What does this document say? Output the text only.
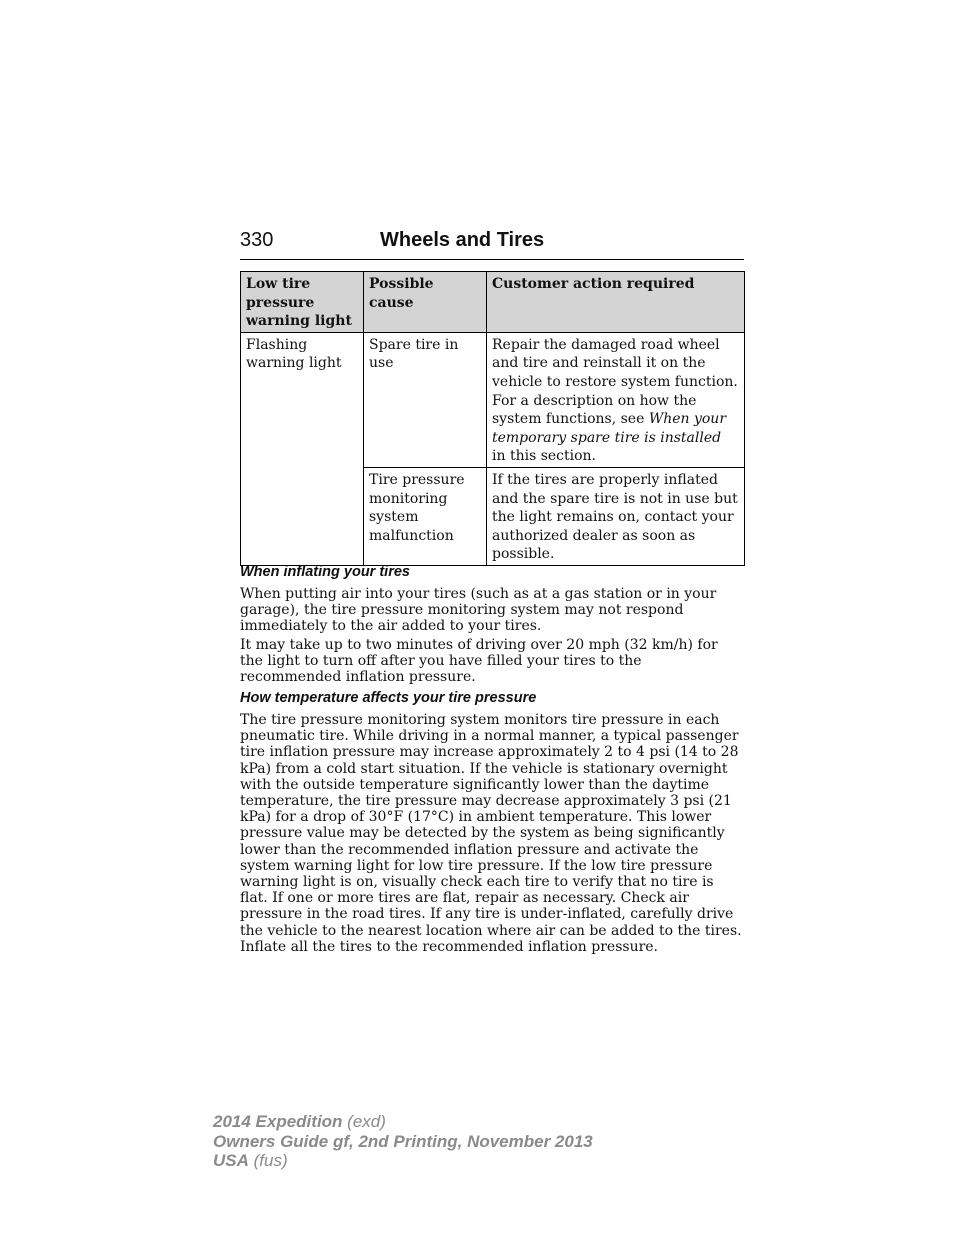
330	Wheels and Tires
Low tire pressure warning light	Possible cause	Customer action required
Flashing warning light	Spare tire in use	Repair the damaged road wheel and tire and reinstall it on the vehicle to restore system function. For a description on how the system functions, see When your temporary spare tire is installed in this section.
	Tire pressure monitoring system malfunction	If the tires are properly inflated and the spare tire is not in use but the light remains on, contact your authorized dealer as soon as possible.
When inflating your tires

When putting air into your tires (such as at a gas station or in your garage), the tire pressure monitoring system may not respond immediately to the air added to your tires.

It may take up to two minutes of driving over 20 mph (32 km/h) for the light to turn off after you have filled your tires to the recommended inflation pressure.

How temperature affects your tire pressure

The tire pressure monitoring system monitors tire pressure in each pneumatic tire. While driving in a normal manner, a typical passenger tire inflation pressure may increase approximately 2 to 4 psi (14 to 28 kPa) from a cold start situation. If the vehicle is stationary overnight with the outside temperature significantly lower than the daytime temperature, the tire pressure may decrease approximately 3 psi (21 kPa) for a drop of 30°F (17°C) in ambient temperature. This lower pressure value may be detected by the system as being significantly lower than the recommended inflation pressure and activate the system warning light for low tire pressure. If the low tire pressure warning light is on, visually check each tire to verify that no tire is flat. If one or more tires are flat, repair as necessary. Check air pressure in the road tires. If any tire is under-inflated, carefully drive the vehicle to the nearest location where air can be added to the tires. Inflate all the tires to the recommended inflation pressure.

2014 Expedition (exd)
Owners Guide gf, 2nd Printing, November 2013
USA (fus)
